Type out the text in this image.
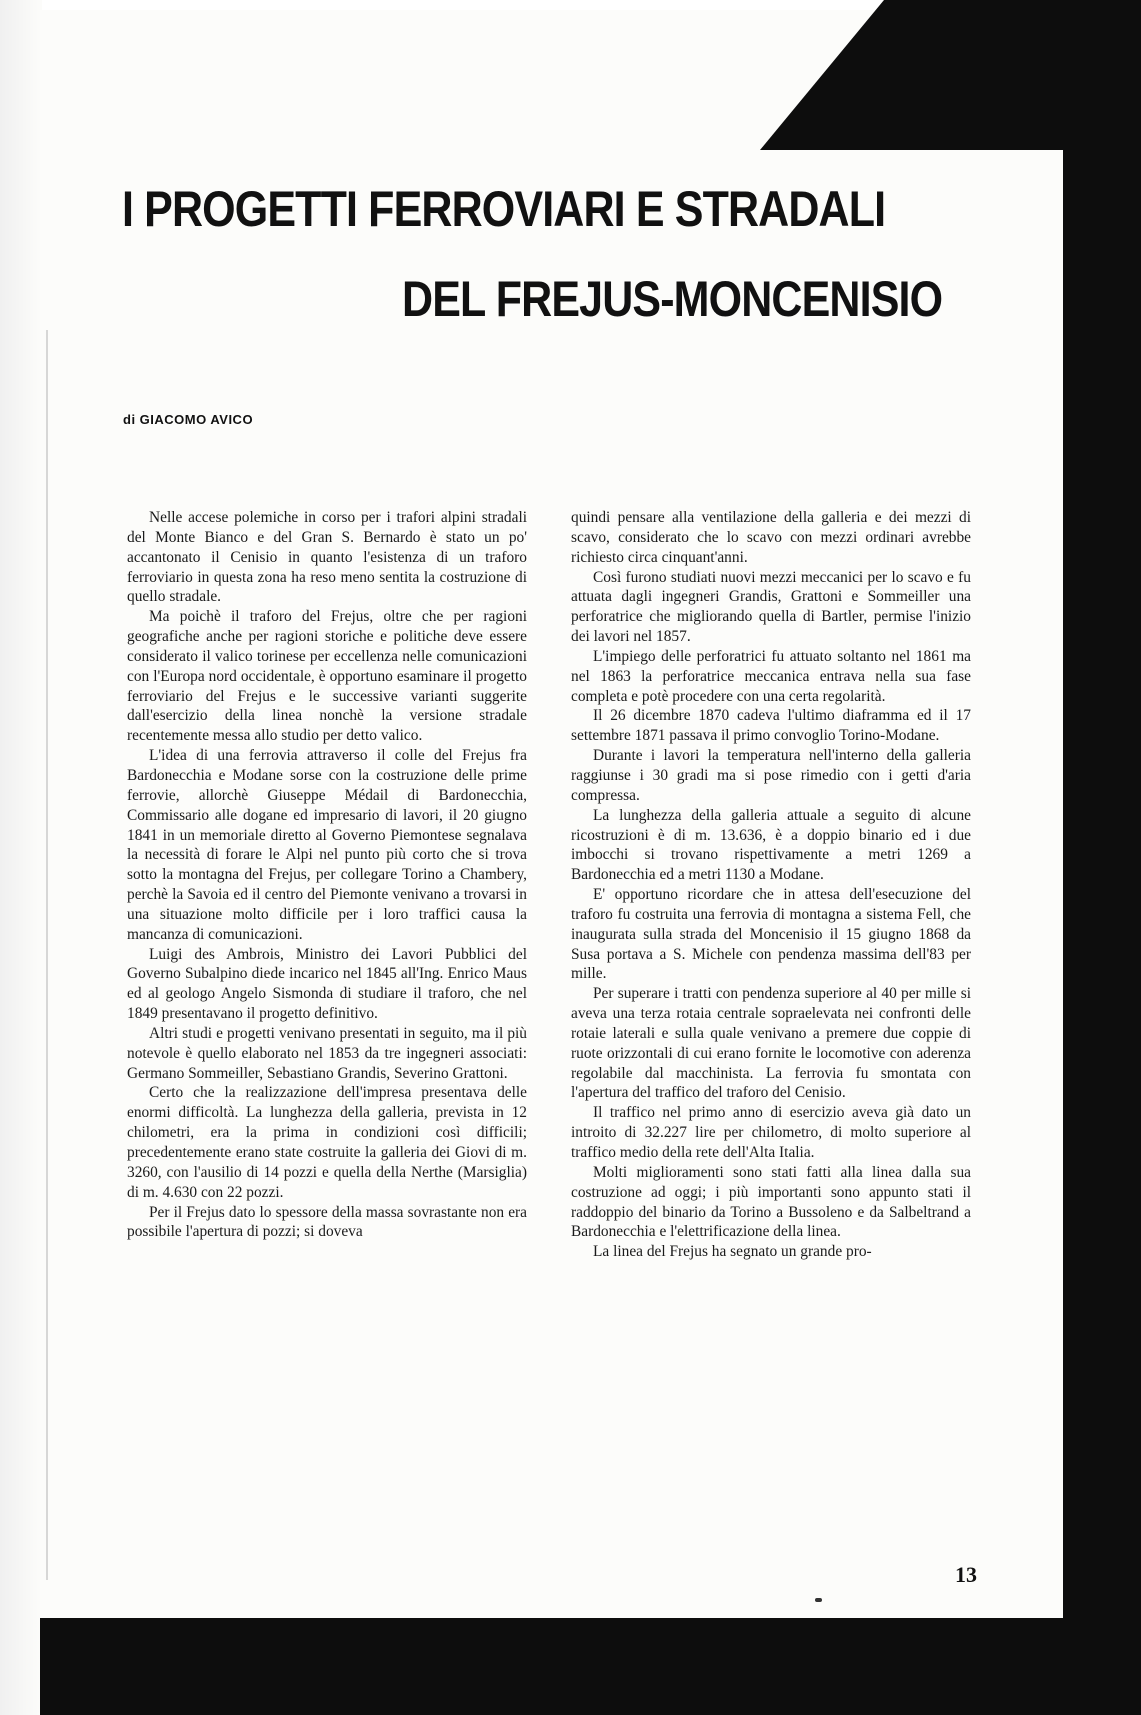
I PROGETTI FERROVIARI E STRADALI
DEL FREJUS-MONCENISIO

di GIACOMO AVICO

Nelle accese polemiche in corso per i trafori alpini stradali del Monte Bianco e del Gran S. Bernardo è stato un po' accantonato il Cenisio in quanto l'esistenza di un traforo ferroviario in questa zona ha reso meno sentita la costruzione di quello stradale.

Ma poichè il traforo del Frejus, oltre che per ragioni geografiche anche per ragioni storiche e politiche deve essere considerato il valico torinese per eccellenza nelle comunicazioni con l'Europa nord occidentale, è opportuno esaminare il progetto ferroviario del Frejus e le successive varianti suggerite dall'esercizio della linea nonchè la versione stradale recentemente messa allo studio per detto valico.

L'idea di una ferrovia attraverso il colle del Frejus fra Bardonecchia e Modane sorse con la costruzione delle prime ferrovie, allorchè Giuseppe Médail di Bardonecchia, Commissario alle dogane ed impresario di lavori, il 20 giugno 1841 in un memoriale diretto al Governo Piemontese segnalava la necessità di forare le Alpi nel punto più corto che si trova sotto la montagna del Frejus, per collegare Torino a Chambery, perchè la Savoia ed il centro del Piemonte venivano a trovarsi in una situazione molto difficile per i loro traffici causa la mancanza di comunicazioni.

Luigi des Ambrois, Ministro dei Lavori Pubblici del Governo Subalpino diede incarico nel 1845 all'Ing. Enrico Maus ed al geologo Angelo Sismonda di studiare il traforo, che nel 1849 presentavano il progetto definitivo.

Altri studi e progetti venivano presentati in seguito, ma il più notevole è quello elaborato nel 1853 da tre ingegneri associati: Germano Sommeiller, Sebastiano Grandis, Severino Grattoni.

Certo che la realizzazione dell'impresa presentava delle enormi difficoltà. La lunghezza della galleria, prevista in 12 chilometri, era la prima in condizioni così difficili; precedentemente erano state costruite la galleria dei Giovi di m. 3260, con l'ausilio di 14 pozzi e quella della Nerthe (Marsiglia) di m. 4.630 con 22 pozzi.

Per il Frejus dato lo spessore della massa sovrastante non era possibile l'apertura di pozzi; si doveva

quindi pensare alla ventilazione della galleria e dei mezzi di scavo, considerato che lo scavo con mezzi ordinari avrebbe richiesto circa cinquant'anni.

Così furono studiati nuovi mezzi meccanici per lo scavo e fu attuata dagli ingegneri Grandis, Grattoni e Sommeiller una perforatrice che migliorando quella di Bartler, permise l'inizio dei lavori nel 1857.

L'impiego delle perforatrici fu attuato soltanto nel 1861 ma nel 1863 la perforatrice meccanica entrava nella sua fase completa e potè procedere con una certa regolarità.

Il 26 dicembre 1870 cadeva l'ultimo diaframma ed il 17 settembre 1871 passava il primo convoglio Torino-Modane.

Durante i lavori la temperatura nell'interno della galleria raggiunse i 30 gradi ma si pose rimedio con i getti d'aria compressa.

La lunghezza della galleria attuale a seguito di alcune ricostruzioni è di m. 13.636, è a doppio binario ed i due imbocchi si trovano rispettivamente a metri 1269 a Bardonecchia ed a metri 1130 a Modane.

E' opportuno ricordare che in attesa dell'esecuzione del traforo fu costruita una ferrovia di montagna a sistema Fell, che inaugurata sulla strada del Moncenisio il 15 giugno 1868 da Susa portava a S. Michele con pendenza massima dell'83 per mille.

Per superare i tratti con pendenza superiore al 40 per mille si aveva una terza rotaia centrale sopraelevata nei confronti delle rotaie laterali e sulla quale venivano a premere due coppie di ruote orizzontali di cui erano fornite le locomotive con aderenza regolabile dal macchinista. La ferrovia fu smontata con l'apertura del traffico del traforo del Cenisio.

Il traffico nel primo anno di esercizio aveva già dato un introito di 32.227 lire per chilometro, di molto superiore al traffico medio della rete dell'Alta Italia.

Molti miglioramenti sono stati fatti alla linea dalla sua costruzione ad oggi; i più importanti sono appunto stati il raddoppio del binario da Torino a Bussoleno e da Salbeltrand a Bardonecchia e l'elettrificazione della linea.

La linea del Frejus ha segnato un grande pro-

13
